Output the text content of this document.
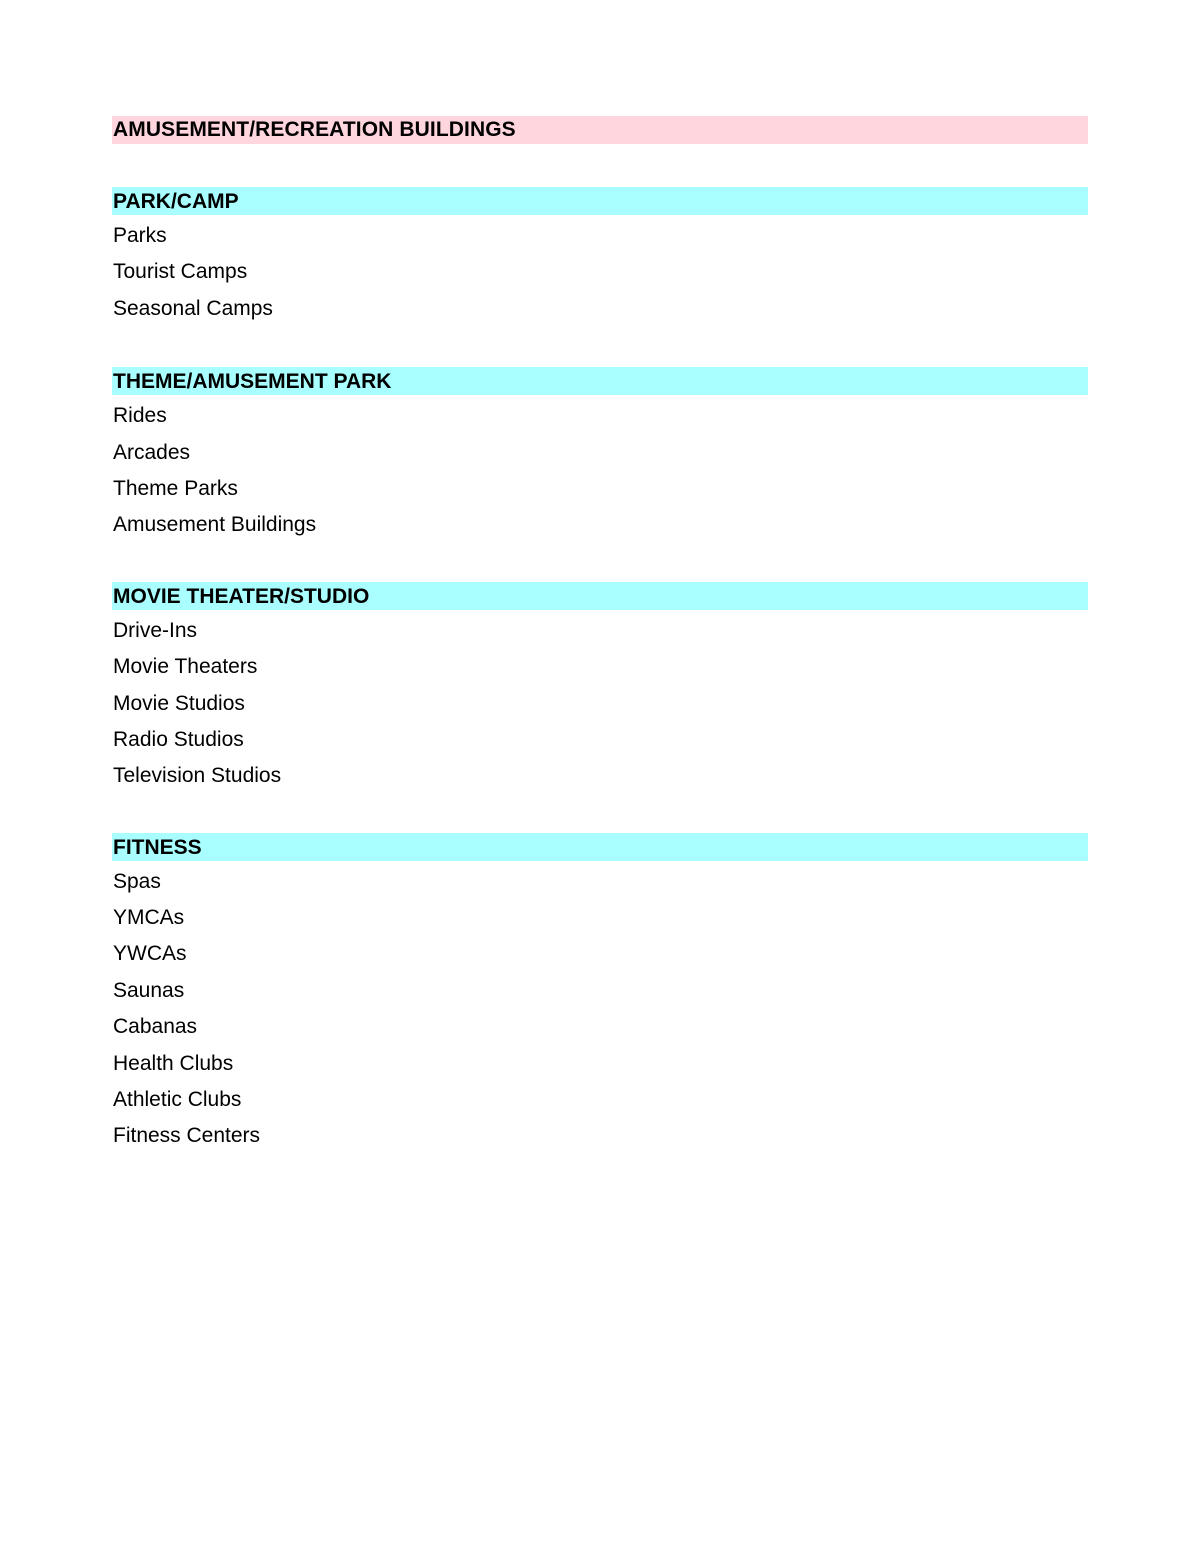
AMUSEMENT/RECREATION BUILDINGS
PARK/CAMP
Parks
Tourist Camps
Seasonal Camps
THEME/AMUSEMENT PARK
Rides
Arcades
Theme Parks
Amusement Buildings
MOVIE THEATER/STUDIO
Drive-Ins
Movie Theaters
Movie Studios
Radio Studios
Television Studios
FITNESS
Spas
YMCAs
YWCAs
Saunas
Cabanas
Health Clubs
Athletic Clubs
Fitness Centers
